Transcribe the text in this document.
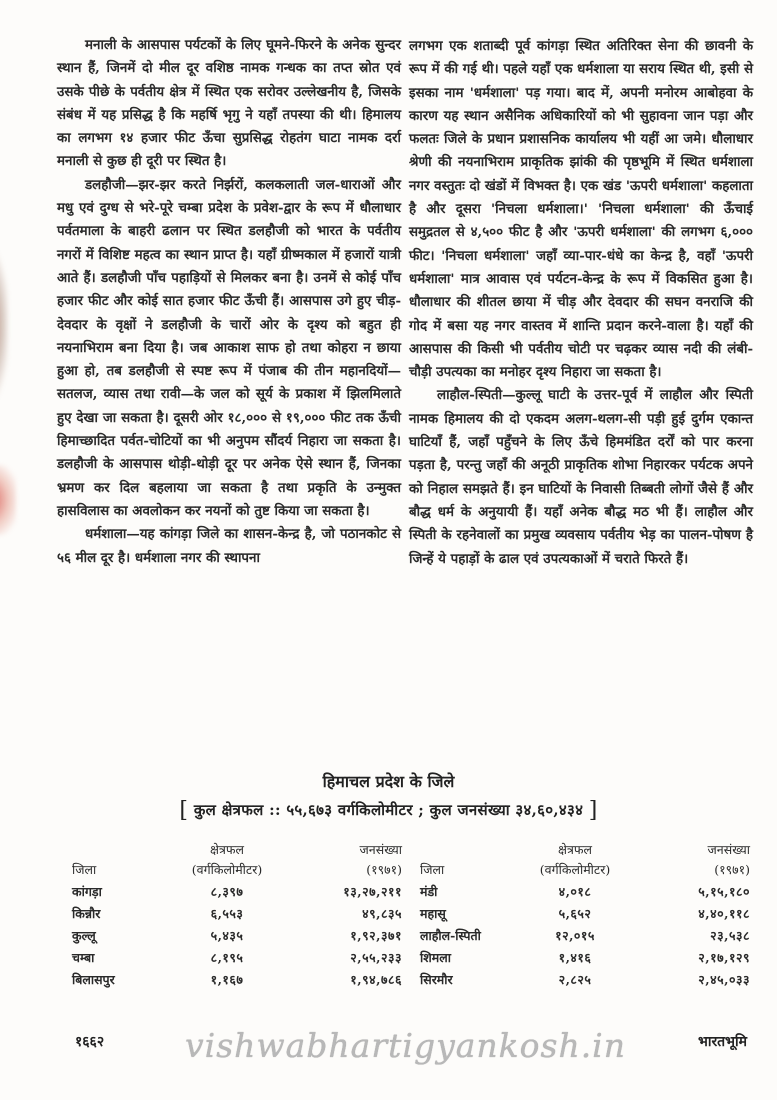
मनाली के आसपास पर्यटकों के लिए घूमने-फिरने के अनेक सुन्दर स्थान हैं, जिनमें दो मील दूर वशिष्ठ नामक गन्धक का तप्त स्रोत एवं उसके पीछे के पर्वतीय क्षेत्र में स्थित एक सरोवर उल्लेखनीय है, जिसके संबंध में यह प्रसिद्ध है कि महर्षि भृगु ने यहाँ तपस्या की थी। हिमालय का लगभग १४ हजार फीट ऊँचा सुप्रसिद्ध रोहतंग घाटा नामक दर्रा मनाली से कुछ ही दूरी पर स्थित है।

डलहौजी—झर-झर करते निर्झरों, कलकलाती जल-धाराओं और मधु एवं दुग्ध से भरे-पूरे चम्बा प्रदेश के प्रवेश-द्वार के रूप में धौलाधार पर्वतमाला के बाहरी ढलान पर स्थित डलहौजी को भारत के पर्वतीय नगरों में विशिष्ट महत्व का स्थान प्राप्त है। यहाँ ग्रीष्मकाल में हजारों यात्री आते हैं। डलहौजी पाँच पहाड़ियों से मिलकर बना है। उनमें से कोई पाँच हजार फीट और कोई सात हजार फीट ऊँची हैं। आसपास उगे हुए चीड़-देवदार के वृक्षों ने डलहौजी के चारों ओर के दृश्य को बहुत ही नयनाभिराम बना दिया है। जब आकाश साफ हो तथा कोहरा न छाया हुआ हो, तब डलहौजी से स्पष्ट रूप में पंजाब की तीन महानदियों—सतलज, व्यास तथा रावी—के जल को सूर्य के प्रकाश में झिलमिलाते हुए देखा जा सकता है। दूसरी ओर १८,००० से १९,००० फीट तक ऊँची हिमाच्छादित पर्वत-चोटियों का भी अनुपम सौंदर्य निहारा जा सकता है। डलहौजी के आसपास थोड़ी-थोड़ी दूर पर अनेक ऐसे स्थान हैं, जिनका भ्रमण कर दिल बहलाया जा सकता है तथा प्रकृति के उन्मुक्त हासविलास का अवलोकन कर नयनों को तुष्ट किया जा सकता है।

धर्मशाला—यह कांगड़ा जिले का शासन-केन्द्र है, जो पठानकोट से ५६ मील दूर है। धर्मशाला नगर की स्थापना

लगभग एक शताब्दी पूर्व कांगड़ा स्थित अतिरिक्त सेना की छावनी के रूप में की गई थी। पहले यहाँ एक धर्मशाला या सराय स्थित थी, इसी से इसका नाम 'धर्मशाला' पड़ गया। बाद में, अपनी मनोरम आबोहवा के कारण यह स्थान असैनिक अधिकारियों को भी सुहावना जान पड़ा और फलतः जिले के प्रधान प्रशासनिक कार्यालय भी यहीं आ जमे। धौलाधार श्रेणी की नयनाभिराम प्राकृतिक झांकी की पृष्ठभूमि में स्थित धर्मशाला नगर वस्तुतः दो खंडों में विभक्त है। एक खंड 'ऊपरी धर्मशाला' कहलाता है और दूसरा 'निचला धर्मशाला।' 'निचला धर्मशाला' की ऊँचाई समुद्रतल से ४,५०० फीट है और 'ऊपरी धर्मशाला' की लगभग ६,००० फीट। 'निचला धर्मशाला' जहाँ व्या-पार-धंधे का केन्द्र है, वहाँ 'ऊपरी धर्मशाला' मात्र आवास एवं पर्यटन-केन्द्र के रूप में विकसित हुआ है। धौलाधार की शीतल छाया में चीड़ और देवदार की सघन वनराजि की गोद में बसा यह नगर वास्तव में शान्ति प्रदान करने-वाला है। यहाँ की आसपास की किसी भी पर्वतीय चोटी पर चढ़कर व्यास नदी की लंबी-चौड़ी उपत्यका का मनोहर दृश्य निहारा जा सकता है।

लाहौल-स्पिती—कुल्लू घाटी के उत्तर-पूर्व में लाहौल और स्पिती नामक हिमालय की दो एकदम अलग-थलग-सी पड़ी हुई दुर्गम एकान्त घाटियाँ हैं, जहाँ पहुँचने के लिए ऊँचे हिममंडित दर्रों को पार करना पड़ता है, परन्तु जहाँ की अनूठी प्राकृतिक शोभा निहारकर पर्यटक अपने को निहाल समझते हैं। इन घाटियों के निवासी तिब्बती लोगों जैसे हैं और बौद्ध धर्म के अनुयायी हैं। यहाँ अनेक बौद्ध मठ भी हैं। लाहौल और स्पिती के रहनेवालों का प्रमुख व्यवसाय पर्वतीय भेड़ का पालन-पोषण है जिन्हें ये पहाड़ों के ढाल एवं उपत्यकाओं में चराते फिरते हैं।

हिमाचल प्रदेश के जिले
[ कुल क्षेत्रफल :: ५५,६७३ वर्गकिलोमीटर ; कुल जनसंख्या ३४,६०,४३४ ]
क्षेत्रफल	जनसंख्या
जिला	(वर्गकिलोमीटर)	(१९७१)
कांगड़ा	८,३९७	१३,२७,२११
किन्नौर	६,५५३	४९,८३५
कुल्लू	५,४३५	१,९२,३७१
चम्बा	८,१९५	२,५५,२३३
बिलासपुर	१,१६७	१,९४,७८६
क्षेत्रफल	जनसंख्या
जिला	(वर्गकिलोमीटर)	(१९७१)
मंडी	४,०१८	५,१५,१८०
महासू	५,६५२	४,४०,११८
लाहौल-स्पिती	१२,०१५	२३,५३८
शिमला	१,४१६	२,१७,१२९
सिरमौर	२,८२५	२,४५,०३३
१६६२ vishwabhartigyankosh.in	भारतभूमि
